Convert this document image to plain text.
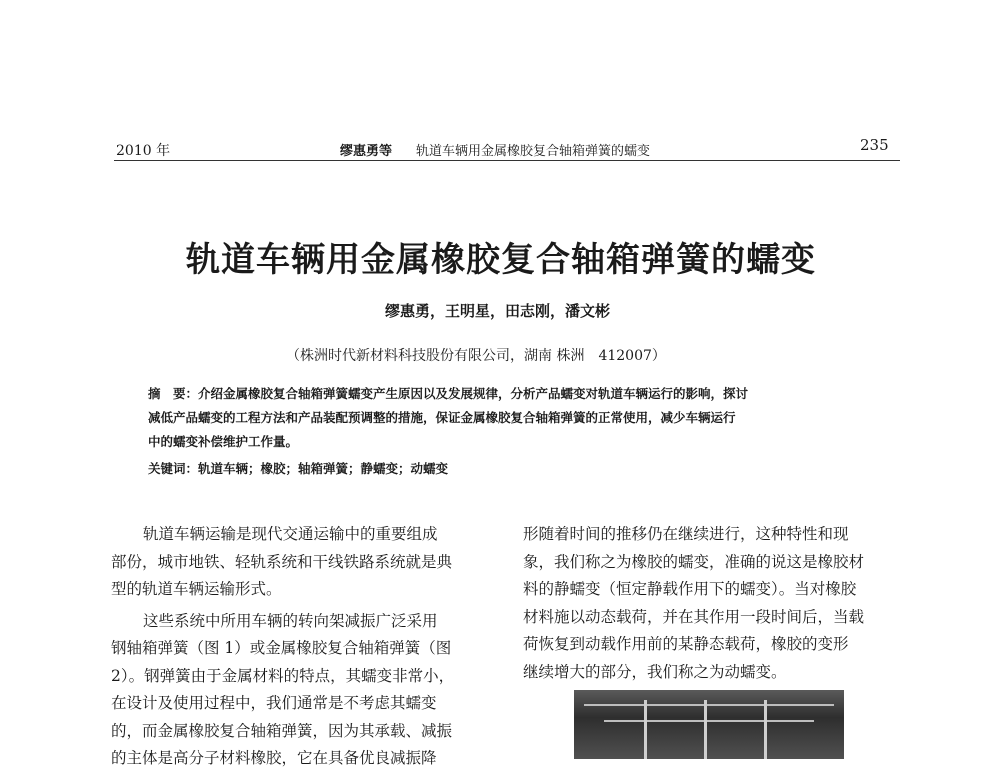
2010 年	缪惠勇等 轨道车辆用金属橡胶复合轴箱弹簧的蠕变	235
轨道车辆用金属橡胶复合轴箱弹簧的蠕变
缪惠勇，王明星，田志刚，潘文彬
（株洲时代新材料科技股份有限公司，湖南 株洲　412007）
摘　要：介绍金属橡胶复合轴箱弹簧蠕变产生原因以及发展规律，分析产品蠕变对轨道车辆运行的影响，探讨
减低产品蠕变的工程方法和产品装配预调整的措施，保证金属橡胶复合轴箱弹簧的正常使用，减少车辆运行
中的蠕变补偿维护工作量。
关键词：轨道车辆；橡胶；轴箱弹簧；静蠕变；动蠕变

轨道车辆运输是现代交通运输中的重要组成

部份，城市地铁、轻轨系统和干线铁路系统就是典

型的轨道车辆运输形式。

这些系统中所用车辆的转向架减振广泛采用

钢轴箱弹簧（图 1）或金属橡胶复合轴箱弹簧（图

2）。钢弹簧由于金属材料的特点，其蠕变非常小，

在设计及使用过程中，我们通常是不考虑其蠕变

的，而金属橡胶复合轴箱弹簧，因为其承载、减振

的主体是高分子材料橡胶，它在具备优良减振降

形随着时间的推移仍在继续进行，这种特性和现

象，我们称之为橡胶的蠕变，准确的说这是橡胶材

料的静蠕变（恒定静载作用下的蠕变）。当对橡胶

材料施以动态载荷，并在其作用一段时间后，当载

荷恢复到动载作用前的某静态载荷，橡胶的变形

继续增大的部分，我们称之为动蠕变。
